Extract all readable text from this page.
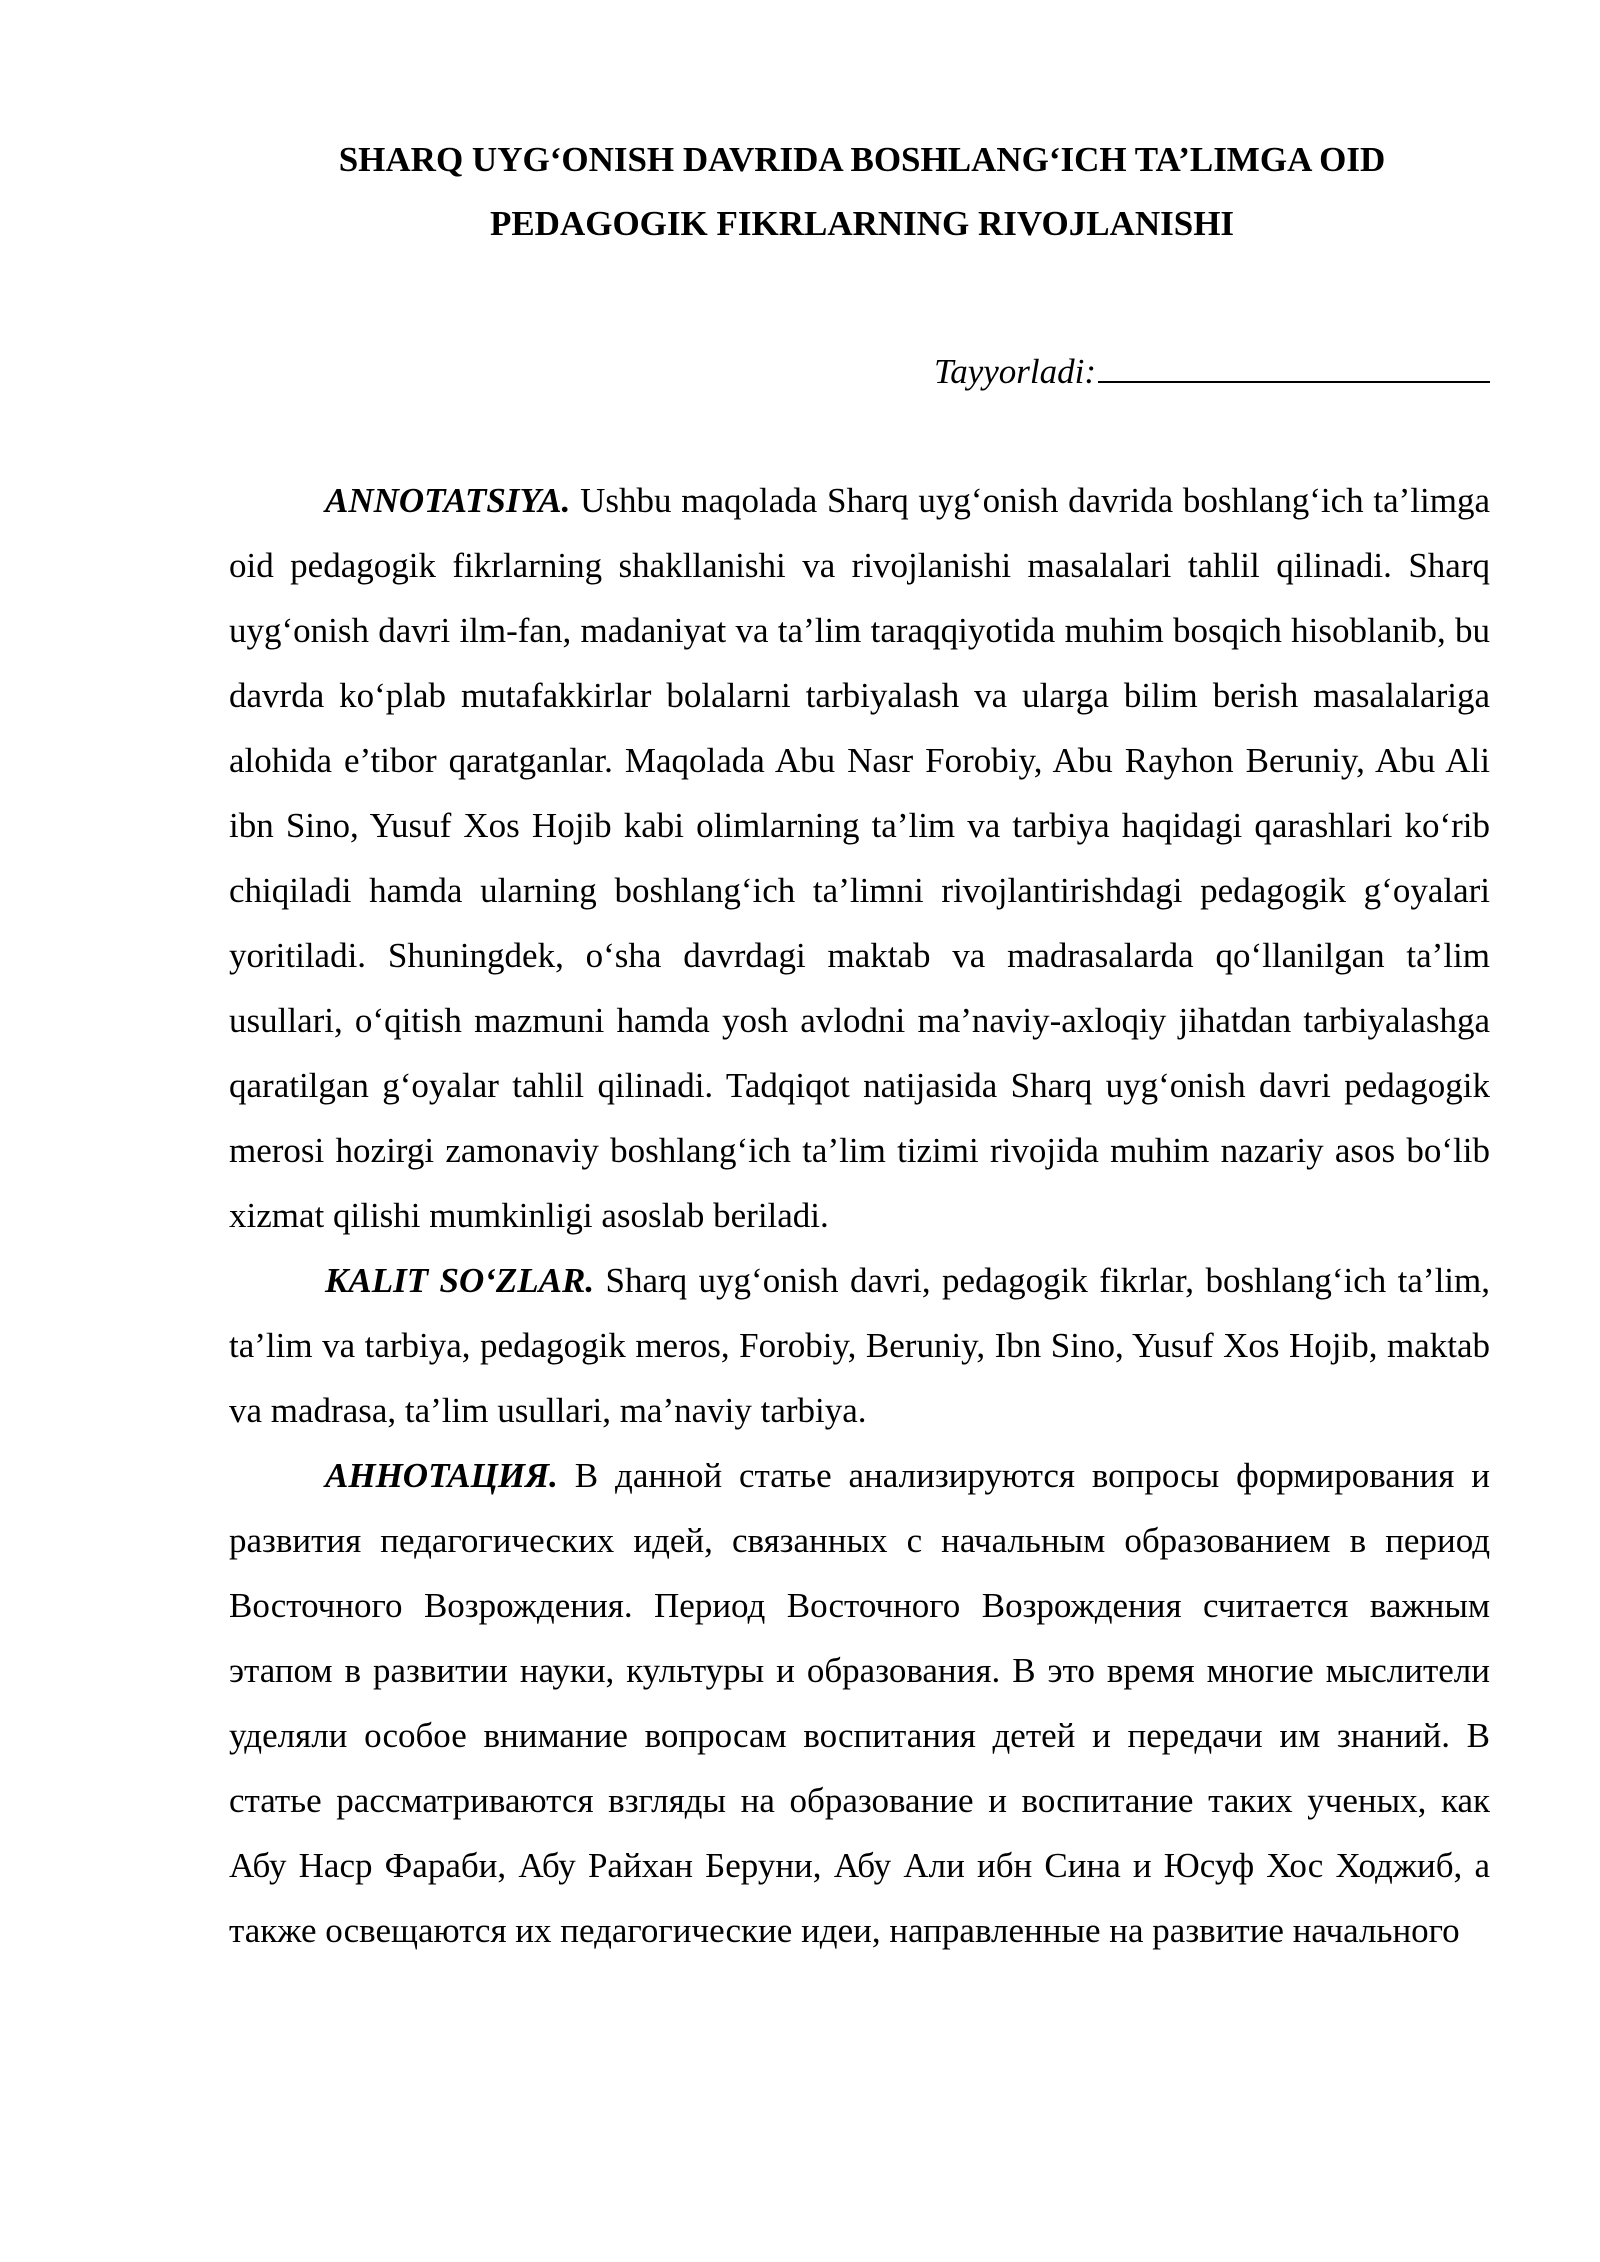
SHARQ UYG‘ONISH DAVRIDA BOSHLANG‘ICH TA’LIMGA OID
PEDAGOGIK FIKRLARNING RIVOJLANISHI
Tayyorladi:

ANNOTATSIYA. Ushbu maqolada Sharq uyg‘onish davrida boshlang‘ich ta’limga oid pedagogik fikrlarning shakllanishi va rivojlanishi masalalari tahlil qilinadi. Sharq uyg‘onish davri ilm-fan, madaniyat va ta’lim taraqqiyotida muhim bosqich hisoblanib, bu davrda ko‘plab mutafakkirlar bolalarni tarbiyalash va ularga bilim berish masalalariga alohida e’tibor qaratganlar. Maqolada Abu Nasr Forobiy, Abu Rayhon Beruniy, Abu Ali ibn Sino, Yusuf Xos Hojib kabi olimlarning ta’lim va tarbiya haqidagi qarashlari ko‘rib chiqiladi hamda ularning boshlang‘ich ta’limni rivojlantirishdagi pedagogik g‘oyalari yoritiladi. Shuningdek, o‘sha davrdagi maktab va madrasalarda qo‘llanilgan ta’lim usullari, o‘qitish mazmuni hamda yosh avlodni ma’naviy-axloqiy jihatdan tarbiyalashga qaratilgan g‘oyalar tahlil qilinadi. Tadqiqot natijasida Sharq uyg‘onish davri pedagogik merosi hozirgi zamonaviy boshlang‘ich ta’lim tizimi rivojida muhim nazariy asos bo‘lib xizmat qilishi mumkinligi asoslab beriladi.

KALIT SO‘ZLAR. Sharq uyg‘onish davri, pedagogik fikrlar, boshlang‘ich ta’lim, ta’lim va tarbiya, pedagogik meros, Forobiy, Beruniy, Ibn Sino, Yusuf Xos Hojib, maktab va madrasa, ta’lim usullari, ma’naviy tarbiya.

АННОТАЦИЯ. В данной статье анализируются вопросы формирования и развития педагогических идей, связанных с начальным образованием в период Восточного Возрождения. Период Восточного Возрождения считается важным этапом в развитии науки, культуры и образования. В это время многие мыслители уделяли особое внимание вопросам воспитания детей и передачи им знаний. В статье рассматриваются взгляды на образование и воспитание таких ученых, как Абу Наср Фараби, Абу Райхан Беруни, Абу Али ибн Сина и Юсуф Хос Ходжиб, а также освещаются их педагогические идеи, направленные на развитие начального
